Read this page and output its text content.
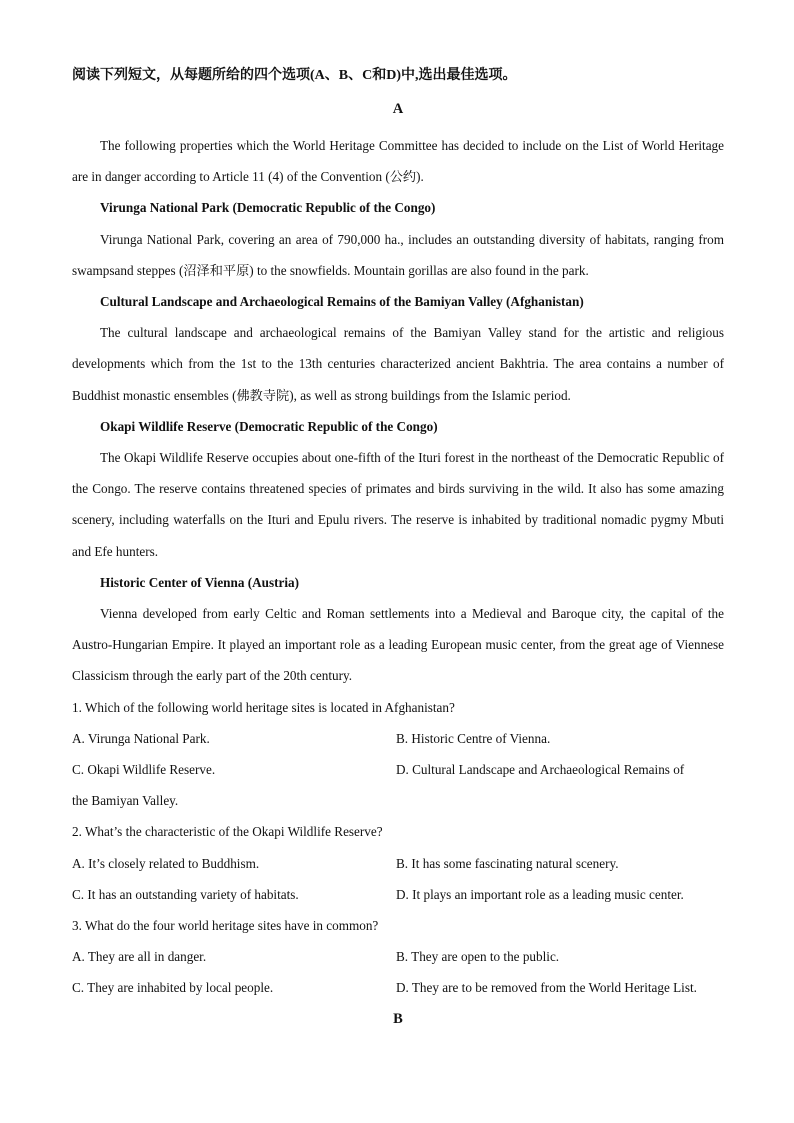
阅读下列短文，从每题所给的四个选项(A、B、C和D)中,选出最佳选项。

A

The following properties which the World Heritage Committee has decided to include on the List of World Heritage are in danger according to Article 11 (4) of the Convention (公约).

Virunga National Park (Democratic Republic of the Congo)

Virunga National Park, covering an area of 790,000 ha., includes an outstanding diversity of habitats, ranging from swampsand steppes (沼泽和平原) to the snowfields. Mountain gorillas are also found in the park.

Cultural Landscape and Archaeological Remains of the Bamiyan Valley (Afghanistan)

The cultural landscape and archaeological remains of the Bamiyan Valley stand for the artistic and religious developments which from the 1st to the 13th centuries characterized ancient Bakhtria. The area contains a number of Buddhist monastic ensembles (佛教寺院), as well as strong buildings from the Islamic period.

Okapi Wildlife Reserve (Democratic Republic of the Congo)

The Okapi Wildlife Reserve occupies about one-fifth of the Ituri forest in the northeast of the Democratic Republic of the Congo. The reserve contains threatened species of primates and birds surviving in the wild. It also has some amazing scenery, including waterfalls on the Ituri and Epulu rivers. The reserve is inhabited by traditional nomadic pygmy Mbuti and Efe hunters.

Historic Center of Vienna (Austria)

Vienna developed from early Celtic and Roman settlements into a Medieval and Baroque city, the capital of the Austro-Hungarian Empire. It played an important role as a leading European music center, from the great age of Viennese Classicism through the early part of the 20th century.

1. Which of the following world heritage sites is located in Afghanistan?

A. Virunga National Park.	B. Historic Centre of Vienna.
C. Okapi Wildlife Reserve.	D. Cultural Landscape and Archaeological Remains of
the Bamiyan Valley.

2. What’s the characteristic of the Okapi Wildlife Reserve?

A. It’s closely related to Buddhism.	B. It has some fascinating natural scenery.
C. It has an outstanding variety of habitats.	D. It plays an important role as a leading music center.

3. What do the four world heritage sites have in common?

A. They are all in danger.	B. They are open to the public.
C. They are inhabited by local people.	D. They are to be removed from the World Heritage List.

B
